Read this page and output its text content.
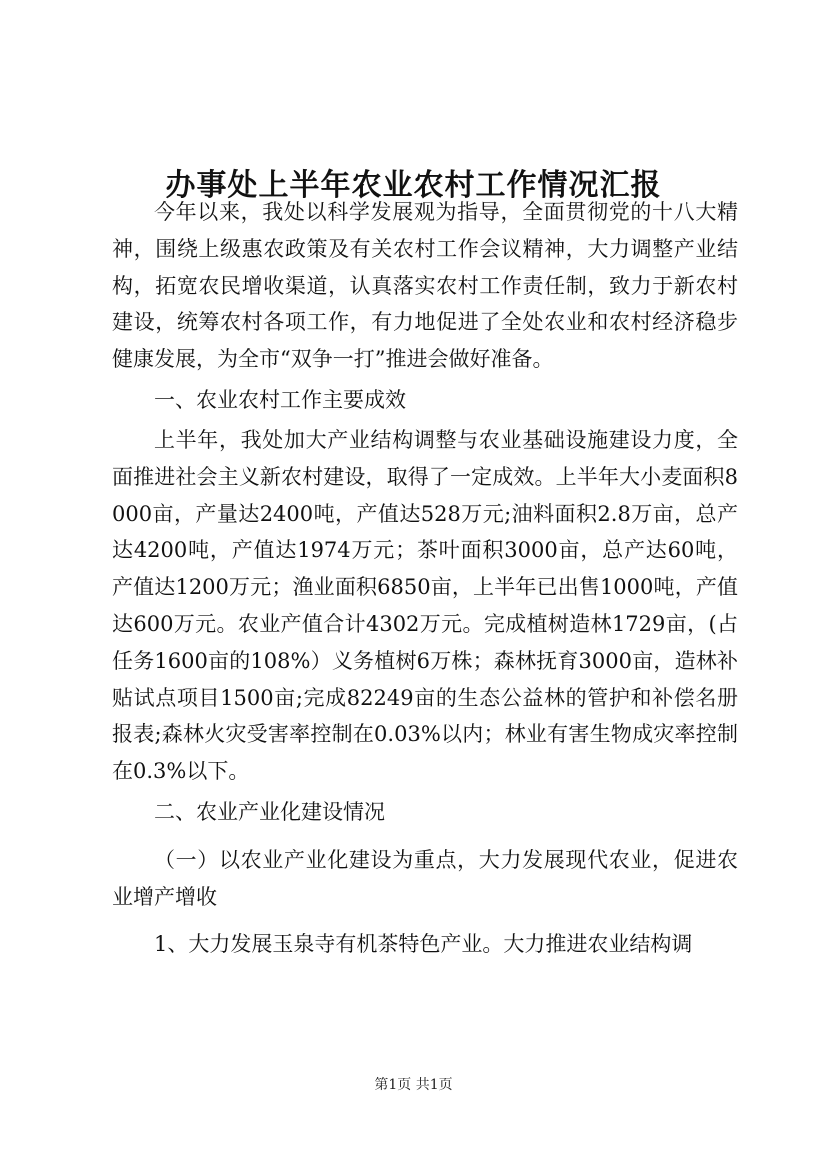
办事处上半年农业农村工作情况汇报

今年以来，我处以科学发展观为指导，全面贯彻党的十八大精神，围绕上级惠农政策及有关农村工作会议精神，大力调整产业结构，拓宽农民增收渠道，认真落实农村工作责任制，致力于新农村建设，统筹农村各项工作，有力地促进了全处农业和农村经济稳步健康发展，为全市“双争一打”推进会做好准备。

一、农业农村工作主要成效

上半年，我处加大产业结构调整与农业基础设施建设力度，全面推进社会主义新农村建设，取得了一定成效。上半年大小麦面积8000亩，产量达2400吨，产值达528万元;油料面积2.8万亩，总产达4200吨，产值达1974万元；茶叶面积3000亩，总产达60吨，产值达1200万元；渔业面积6850亩，上半年已出售1000吨，产值达600万元。农业产值合计4302万元。完成植树造林1729亩，(占任务1600亩的108%）义务植树6万株；森林抚育3000亩，造林补贴试点项目1500亩;完成82249亩的生态公益林的管护和补偿名册报表;森林火灾受害率控制在0.03%以内；林业有害生物成灾率控制在0.3%以下。

二、农业产业化建设情况

（一）以农业产业化建设为重点，大力发展现代农业，促进农业增产增收

1、大力发展玉泉寺有机茶特色产业。大力推进农业结构调

第1页 共1页
